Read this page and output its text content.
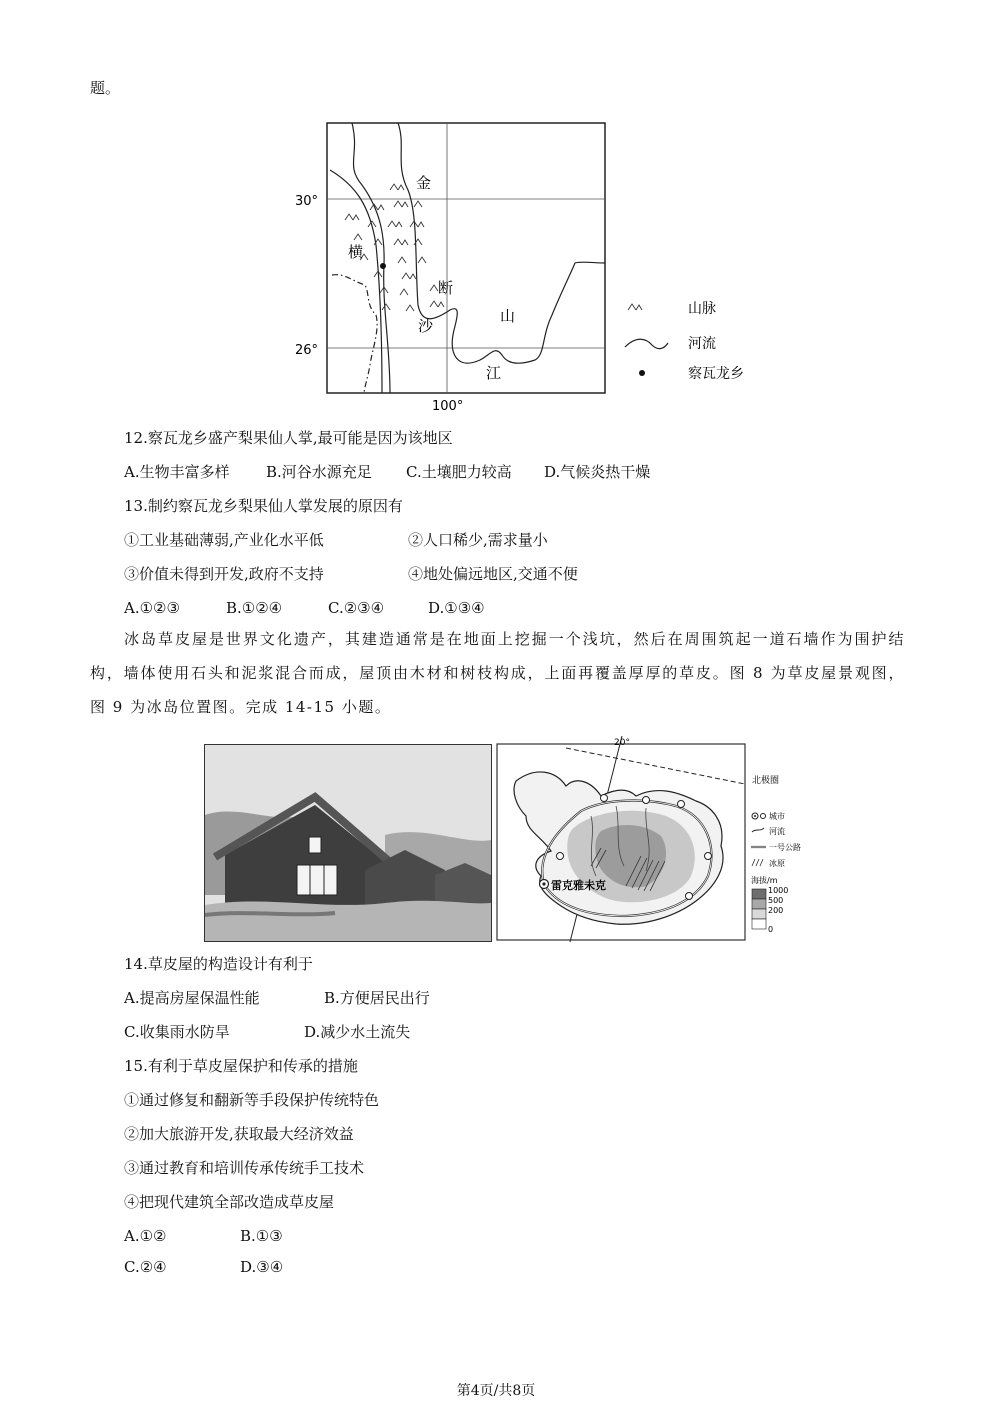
题。
30°
26°
100°
金
横
断
沙
山
江
山脉
河流
察瓦龙乡
12.察瓦龙乡盛产梨果仙人掌,最可能是因为该地区
A.生物丰富多样 B.河谷水源充足 C.土壤肥力较高 D.气候炎热干燥
13.制约察瓦龙乡梨果仙人掌发展的原因有
①工业基础薄弱,产业化水平低	②人口稀少,需求量小
③价值未得到开发,政府不支持	④地处偏远地区,交通不便
A.①②③	B.①②④	C.②③④	D.①③④
冰岛草皮屋是世界文化遗产，其建造通常是在地面上挖掘一个浅坑，然后在周围筑起一道石墙作为围护结构，墙体使用石头和泥浆混合而成，屋顶由木材和树枝构成，上面再覆盖厚厚的草皮。图 8 为草皮屋景观图，图 9 为冰岛位置图。完成 14-15 小题。
20°
北极圈
雷克雅未克
城市
河流
一号公路
冰原
海拔/m
1000
500
200
0
14.草皮屋的构造设计有利于
A.提高房屋保温性能	B.方便居民出行
C.收集雨水防旱	D.减少水土流失
15.有利于草皮屋保护和传承的措施
①通过修复和翻新等手段保护传统特色
②加大旅游开发,获取最大经济效益
③通过教育和培训传承传统手工技术
④把现代建筑全部改造成草皮屋
A.①②	B.①③
C.②④	D.③④
第4页/共8页
